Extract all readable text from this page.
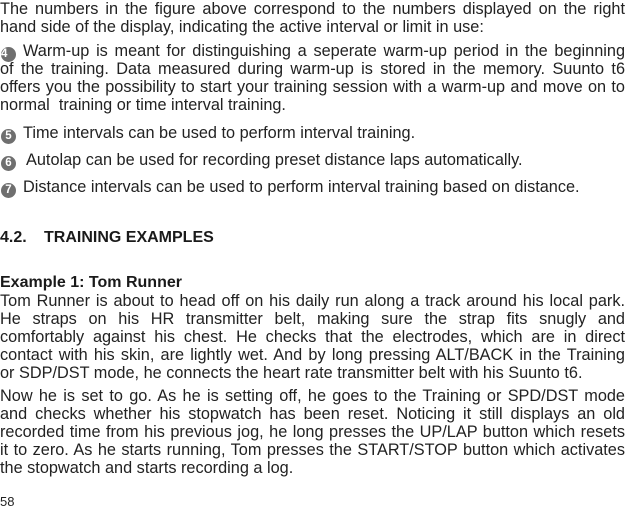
The numbers in the figure above correspond to the numbers displayed on the right
hand side of the display, indicating the active interval or limit in use:
4 Warm-up is meant for distinguishing a seperate warm-up period in the beginning
of the training. Data measured during warm-up is stored in the memory. Suunto t6
offers you the possibility to start your training session with a warm-up and move on to
normal  training or time interval training.
5 Time intervals can be used to perform interval training.
6 Autolap can be used for recording preset distance laps automatically.
7 Distance intervals can be used to perform interval training based on distance.
4.2. TRAINING EXAMPLES
Example 1: Tom Runner
Tom Runner is about to head off on his daily run along a track around his local park.
He straps on his HR transmitter belt, making sure the strap fits snugly and
comfortably against his chest. He checks that the electrodes, which are in direct
contact with his skin, are lightly wet. And by long pressing ALT/BACK in the Training
or SDP/DST mode, he connects the heart rate transmitter belt with his Suunto t6.
Now he is set to go. As he is setting off, he goes to the Training or SPD/DST mode
and checks whether his stopwatch has been reset. Noticing it still displays an old
recorded time from his previous jog, he long presses the UP/LAP button which resets
it to zero. As he starts running, Tom presses the START/STOP button which activates
the stopwatch and starts recording a log.
58
